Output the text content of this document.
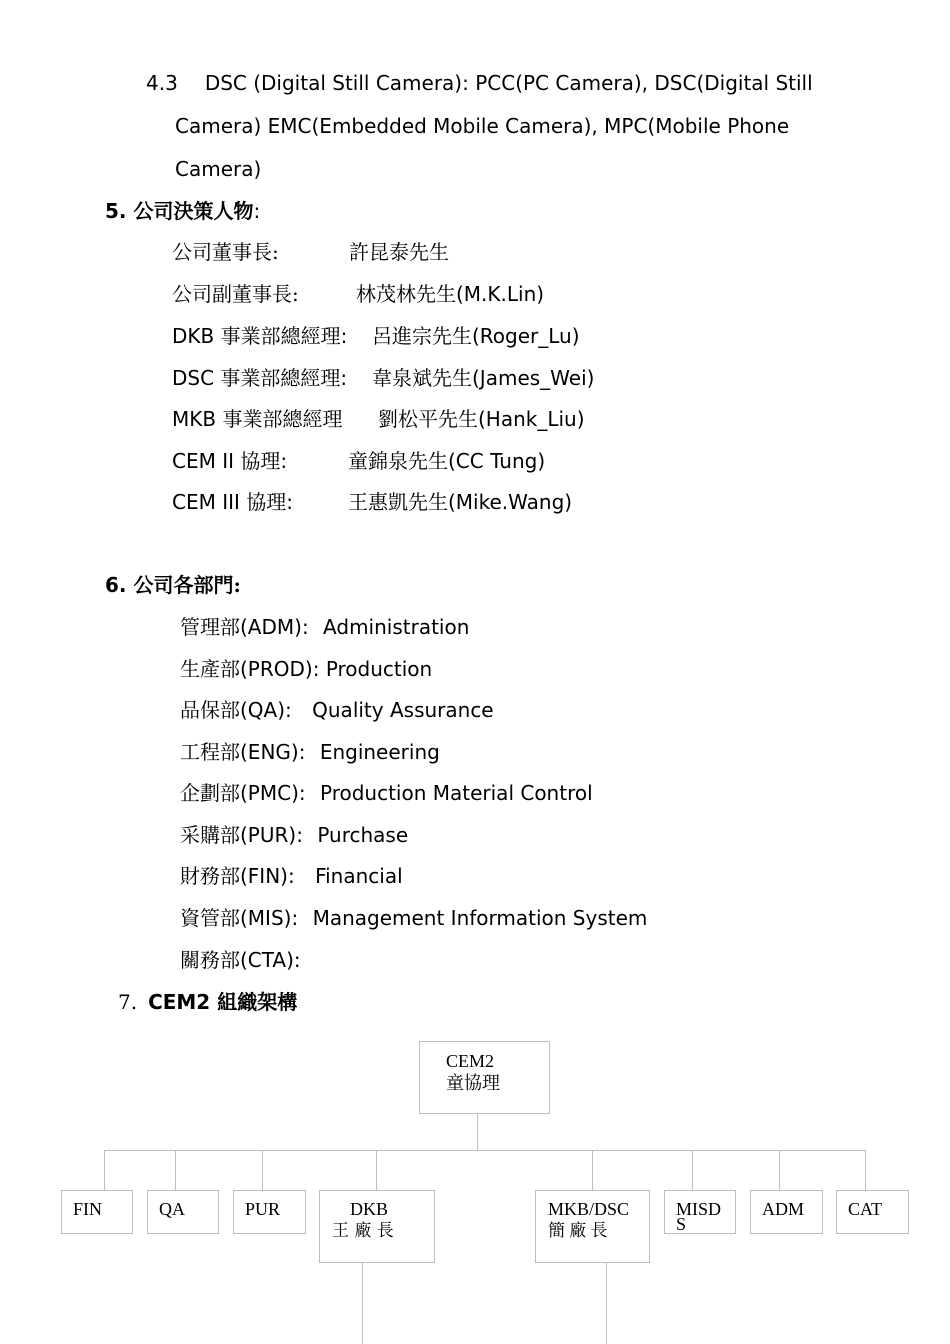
4.3 DSC (Digital Still Camera): PCC(PC Camera), DSC(Digital Still
Camera) EMC(Embedded Mobile Camera), MPC(Mobile Phone
Camera)
5. 公司決策人物:
公司董事長:	許昆泰先生
公司副董事長:	林茂林先生(M.K.Lin)
DKB 事業部總經理: 呂進宗先生(Roger_Lu)
DSC 事業部總經理: 韋泉斌先生(James_Wei)
MKB 事業部總經理 劉松平先生(Hank_Liu)
CEM II 協理:	童錦泉先生(CC Tung)
CEM III 協理:	王惠凱先生(Mike.Wang)
6. 公司各部門:
管理部(ADM): Administration
生產部(PROD): Production
品保部(QA): Quality Assurance
工程部(ENG): Engineering
企劃部(PMC): Production Material Control
采購部(PUR): Purchase
財務部(FIN): Financial
資管部(MIS): Management Information System
關務部(CTA):
7. CEM2 組織架構
CEM2
童協理
FIN	QA	PUR	DKB
王 廠 長
MKB/DSC
簡 廠 長
MISD
S
ADM	CAT
